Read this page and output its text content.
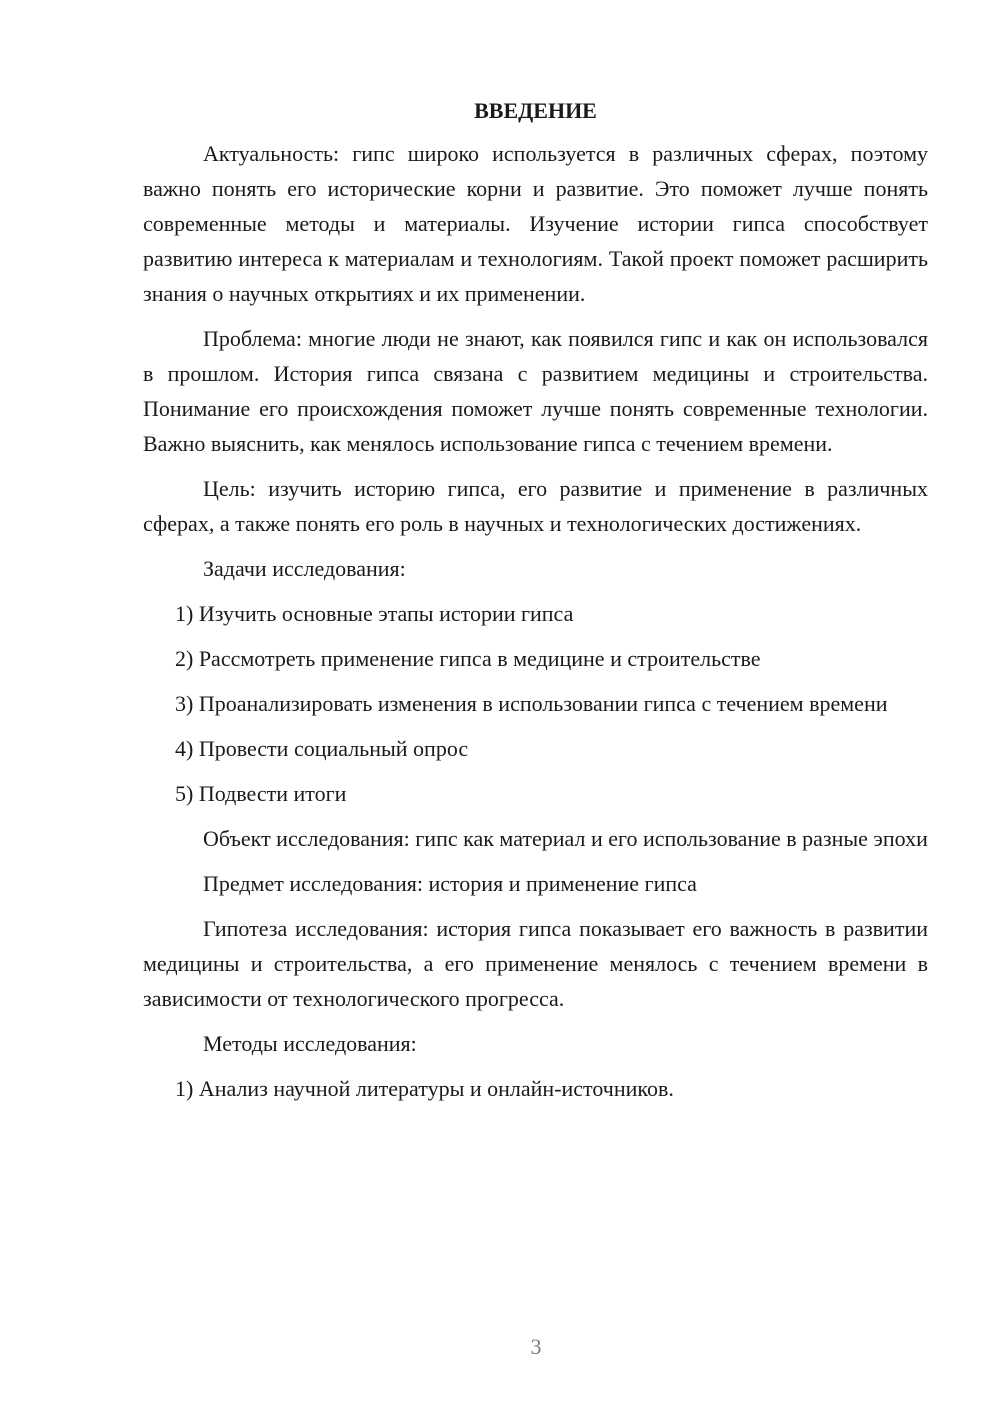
ВВЕДЕНИЕ

Актуальность: гипс широко используется в различных сферах, поэтому важно понять его исторические корни и развитие. Это поможет лучше понять современные методы и материалы. Изучение истории гипса способствует развитию интереса к материалам и технологиям. Такой проект поможет расширить знания о научных открытиях и их применении.

Проблема: многие люди не знают, как появился гипс и как он использовался в прошлом. История гипса связана с развитием медицины и строительства. Понимание его происхождения поможет лучше понять современные технологии. Важно выяснить, как менялось использование гипса с течением времени.

Цель: изучить историю гипса, его развитие и применение в различных сферах, а также понять его роль в научных и технологических достижениях.

Задачи исследования:

1) Изучить основные этапы истории гипса

2) Рассмотреть применение гипса в медицине и строительстве

3) Проанализировать изменения в использовании гипса с течением времени

4) Провести социальный опрос

5) Подвести итоги

Объект исследования: гипс как материал и его использование в разные эпохи

Предмет исследования: история и применение гипса

Гипотеза исследования: история гипса показывает его важность в развитии медицины и строительства, а его применение менялось с течением времени в зависимости от технологического прогресса.

Методы исследования:

1) Анализ научной литературы и онлайн-источников.

3
